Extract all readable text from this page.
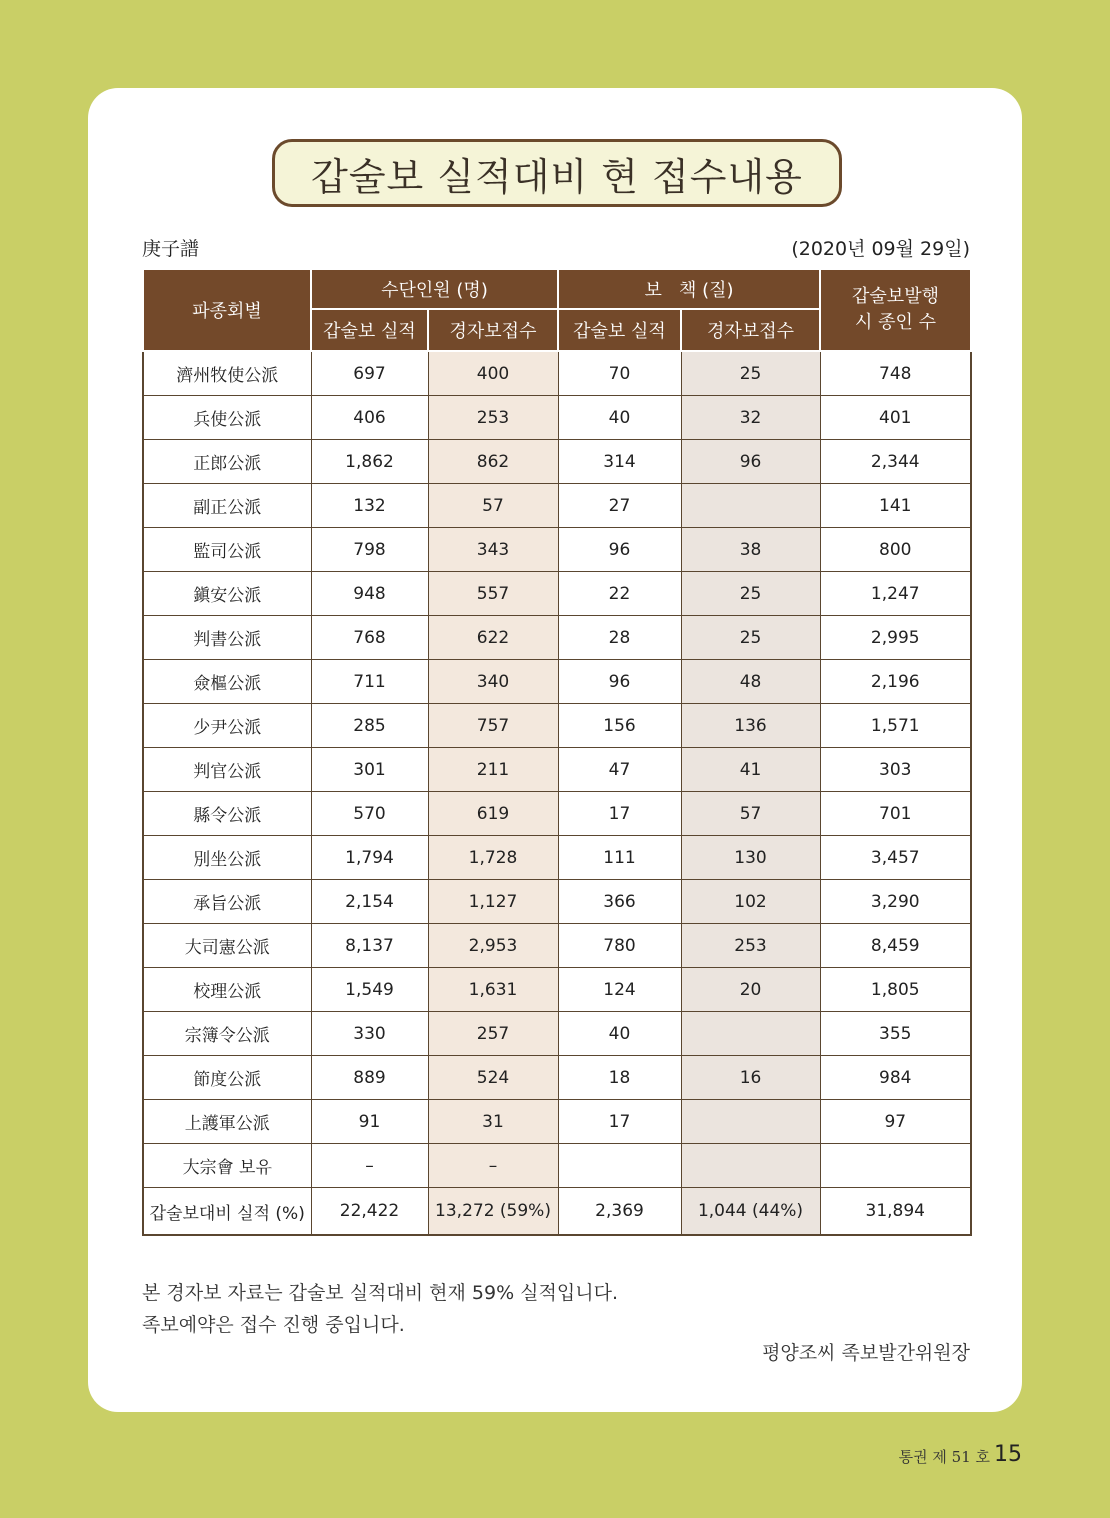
갑술보 실적대비 현 접수내용
庚子譜	(2020년 09월 29일)
파종회별	수단인원 (명)		보   책 (질)		갑술보발행
시 종인 수
	갑술보 실적	경자보접수	갑술보 실적	경자보접수	
濟州牧使公派	697	400	70	25	748
兵使公派	406	253	40	32	401
正郎公派	1,862	862	314	96	2,344
副正公派	132	57	27		141
監司公派	798	343	96	38	800
鎭安公派	948	557	22	25	1,247
判書公派	768	622	28	25	2,995
僉樞公派	711	340	96	48	2,196
少尹公派	285	757	156	136	1,571
判官公派	301	211	47	41	303
縣令公派	570	619	17	57	701
別坐公派	1,794	1,728	111	130	3,457
承旨公派	2,154	1,127	366	102	3,290
大司憲公派	8,137	2,953	780	253	8,459
校理公派	1,549	1,631	124	20	1,805
宗簿令公派	330	257	40		355
節度公派	889	524	18	16	984
上護軍公派	91	31	17		97
大宗會 보유	–	–			
갑술보대비 실적 (%)	22,422	13,272 (59%)	2,369	1,044 (44%)	31,894
본 경자보 자료는 갑술보 실적대비 현재 59% 실적입니다.
족보예약은 접수 진행 중입니다.
평양조씨 족보발간위원장
통권 제 51 호 15
